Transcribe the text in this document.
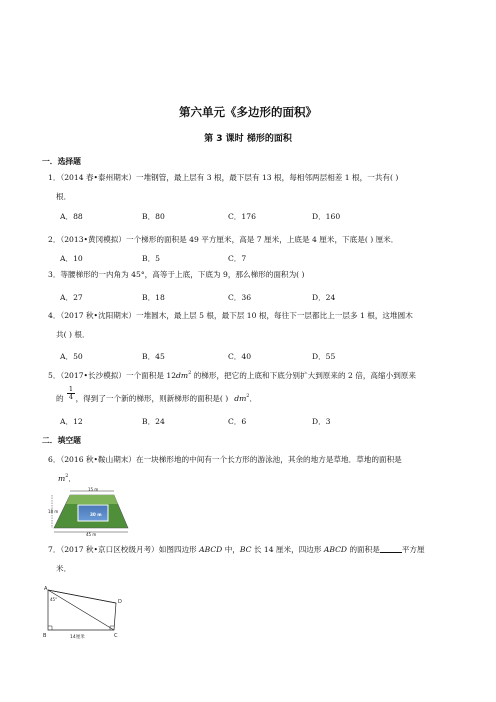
第六单元《多边形的面积》
第 3 课时 梯形的面积
一．选择题
1．（2014 春•泰州期末）一堆钢管，最上层有 3 根，最下层有 13 根，每相邻两层相差 1 根，一共有( )
根．
A．88	B．80	C．176	D．160
2．（2013•黄冈模拟）一个梯形的面积是 49 平方厘米，高是 7 厘米，上底是 4 厘米，下底是( ) 厘米．
A．10	B．5	C．7
3．等腰梯形的一内角为 45°，高等于上底，下底为 9，那么梯形的面积为( )
A．27	B．18	C．36	D．24
4．（2017 秋•沈阳期末）一堆圆木，最上层 5 根，最下层 10 根，每往下一层都比上一层多 1 根，这堆圆木
共( ) 根．
A．50	B．45	C．40	D．55
5．（2017•长沙模拟）一个面积是 $12dm^2$ 的梯形，把它的上底和下底分别扩大到原来的 2 倍，高缩小到原来
的 ，得到了一个新的梯形，则新梯形的面积是( ) $dm^2$．
1
4
A．12	B．24	C．6	D．3
二．填空题
6．（2016 秋•鞍山期末）在一块梯形地的中间有一个长方形的游泳池，其余的地方是草地．草地的面积是
$m^2$．
15 m
30 m
18 m
45 m
7．（2017 秋•京口区校级月考）如图四边形 ABCD 中，BC 长 14 厘米，四边形 ABCD 的面积是	平方厘
米．
A
B	C
D
45°
14厘米
